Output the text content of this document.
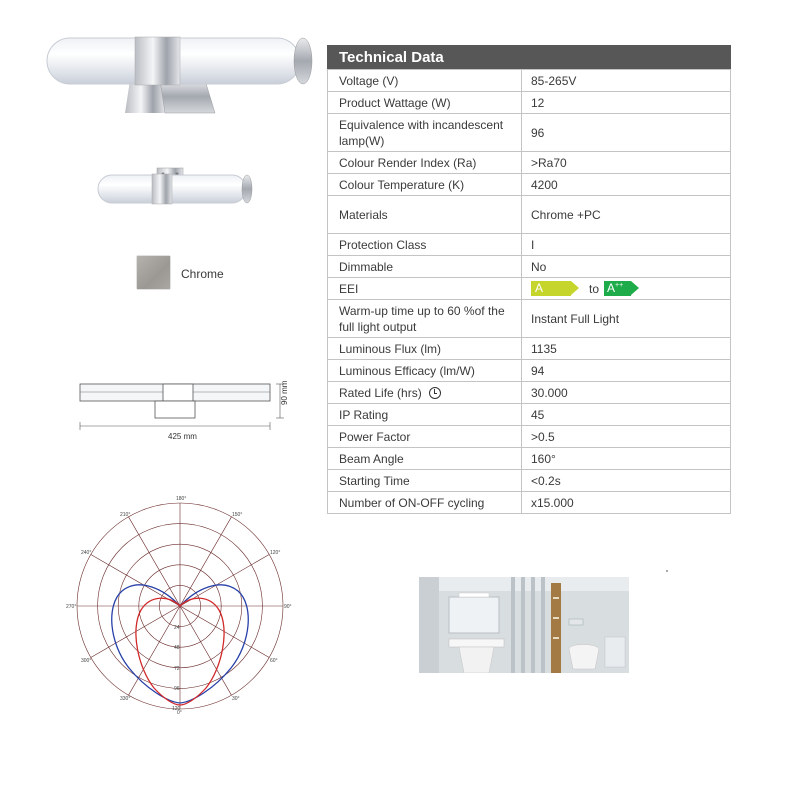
Chrome
425 mm
90 mm
180°
210°	150°
240°	120°
270°	90°
300°	60°
330°	30°
0°
24
48
72
96
120
Technical Data
Voltage (V)	85-265V
Product Wattage (W)	12
Equivalence with incandescent lamp(W)	96
Colour Render Index (Ra)	>Ra70
Colour Temperature (K)	4200
Materials	Chrome +PC
Protection Class	I
Dimmable	No
EEI	A to A++

Warm-up time up to 60 %of the full light output	Instant Full Light
Luminous Flux (lm)	1135
Luminous Efficacy (lm/W)	94
Rated Life (hrs)	30.000
IP Rating	45
Power Factor	>0.5
Beam Angle	160°
Starting Time	<0.2s
Number of ON-OFF cycling	x15.000
